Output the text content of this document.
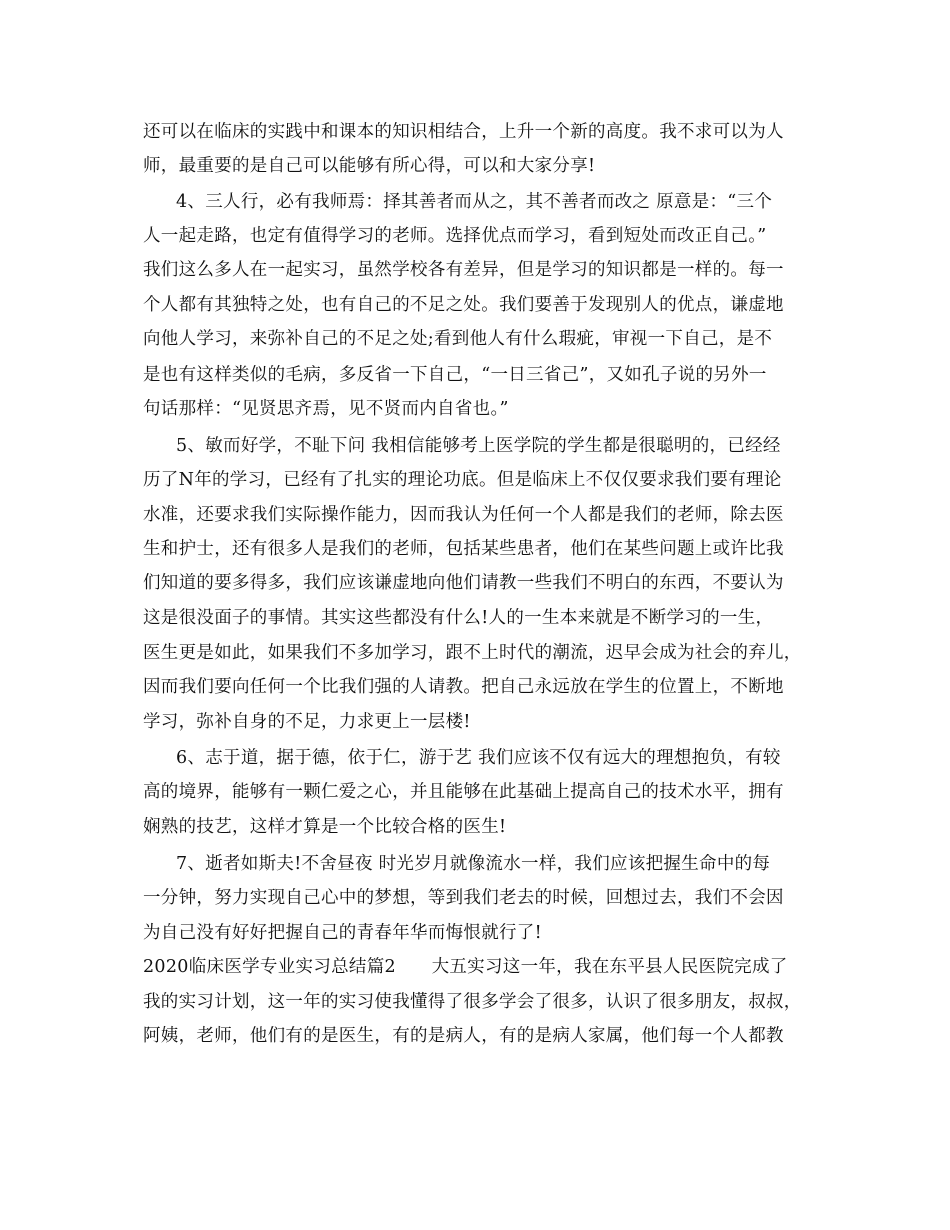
还可以在临床的实践中和课本的知识相结合，上升一个新的高度。我不求可以为人
师，最重要的是自己可以能够有所心得，可以和大家分享!
4、三人行，必有我师焉：择其善者而从之，其不善者而改之 原意是：“三个
人一起走路，也定有值得学习的老师。选择优点而学习，看到短处而改正自己。”
我们这么多人在一起实习，虽然学校各有差异，但是学习的知识都是一样的。每一
个人都有其独特之处，也有自己的不足之处。我们要善于发现别人的优点，谦虚地
向他人学习，来弥补自己的不足之处;看到他人有什么瑕疵，审视一下自己，是不
是也有这样类似的毛病，多反省一下自己，“一日三省己”，又如孔子说的另外一
句话那样：“见贤思齐焉，见不贤而内自省也。”
5、敏而好学，不耻下问 我相信能够考上医学院的学生都是很聪明的，已经经
历了N年的学习，已经有了扎实的理论功底。但是临床上不仅仅要求我们要有理论
水准，还要求我们实际操作能力，因而我认为任何一个人都是我们的老师，除去医
生和护士，还有很多人是我们的老师，包括某些患者，他们在某些问题上或许比我
们知道的要多得多，我们应该谦虚地向他们请教一些我们不明白的东西，不要认为
这是很没面子的事情。其实这些都没有什么!人的一生本来就是不断学习的一生，
医生更是如此，如果我们不多加学习，跟不上时代的潮流，迟早会成为社会的弃儿，
因而我们要向任何一个比我们强的人请教。把自己永远放在学生的位置上，不断地
学习，弥补自身的不足，力求更上一层楼!
6、志于道，据于德，依于仁，游于艺 我们应该不仅有远大的理想抱负，有较
高的境界，能够有一颗仁爱之心，并且能够在此基础上提高自己的技术水平，拥有
娴熟的技艺，这样才算是一个比较合格的医生!
7、逝者如斯夫!不舍昼夜 时光岁月就像流水一样，我们应该把握生命中的每
一分钟，努力实现自己心中的梦想，等到我们老去的时候，回想过去，我们不会因
为自己没有好好把握自己的青春年华而悔恨就行了!
2020临床医学专业实习总结篇2　　大五实习这一年，我在东平县人民医院完成了
我的实习计划，这一年的实习使我懂得了很多学会了很多，认识了很多朋友，叔叔，
阿姨，老师，他们有的是医生，有的是病人，有的是病人家属，他们每一个人都教
